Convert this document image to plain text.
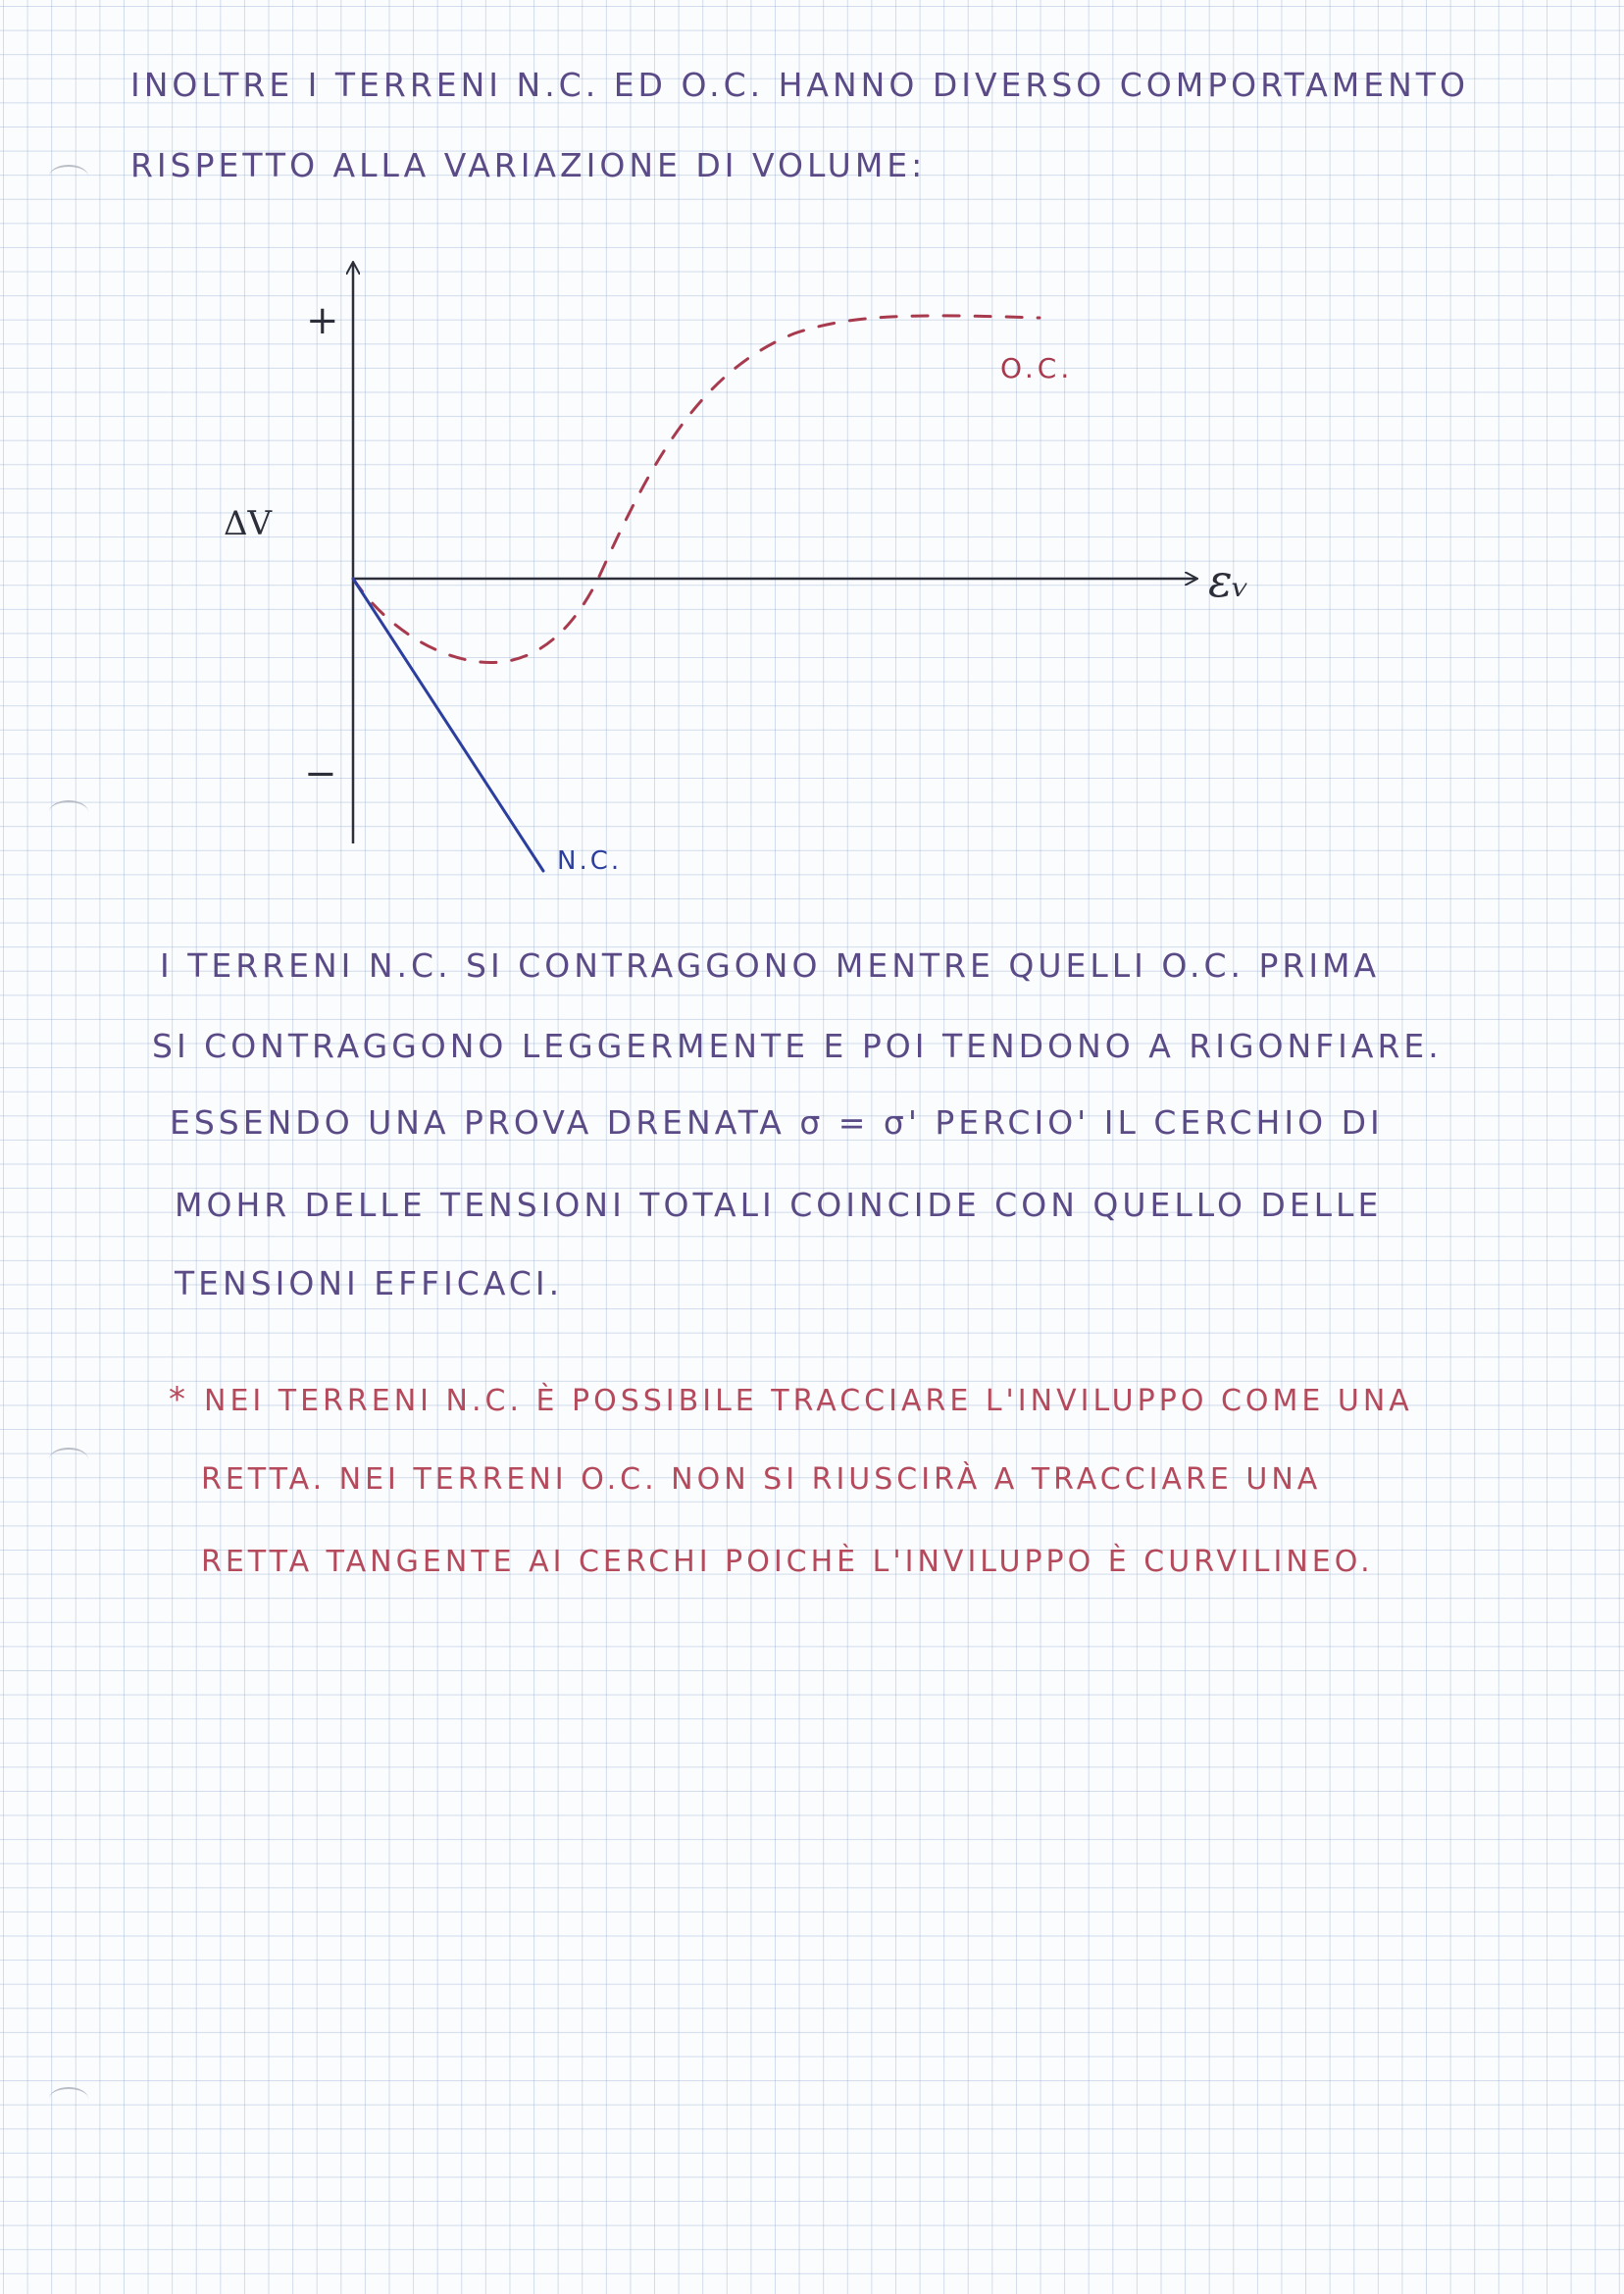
INOLTRE I TERRENI N.C. ED O.C. HANNO DIVERSO COMPORTAMENTO
RISPETTO ALLA VARIAZIONE DI VOLUME:
+
−
ΔV
εᵥ
O.C.
N.C.
I TERRENI N.C. SI CONTRAGGONO MENTRE QUELLI O.C. PRIMA
SI CONTRAGGONO LEGGERMENTE E POI TENDONO A RIGONFIARE.
ESSENDO UNA PROVA DRENATA σ = σ' PERCIO' IL CERCHIO DI
MOHR DELLE TENSIONI TOTALI COINCIDE CON QUELLO DELLE
TENSIONI EFFICACI.
* NEI TERRENI N.C. È POSSIBILE TRACCIARE L'INVILUPPO COME UNA
RETTA. NEI TERRENI O.C. NON SI RIUSCIRÀ A TRACCIARE UNA
RETTA TANGENTE AI CERCHI POICHÈ L'INVILUPPO È CURVILINEO.
